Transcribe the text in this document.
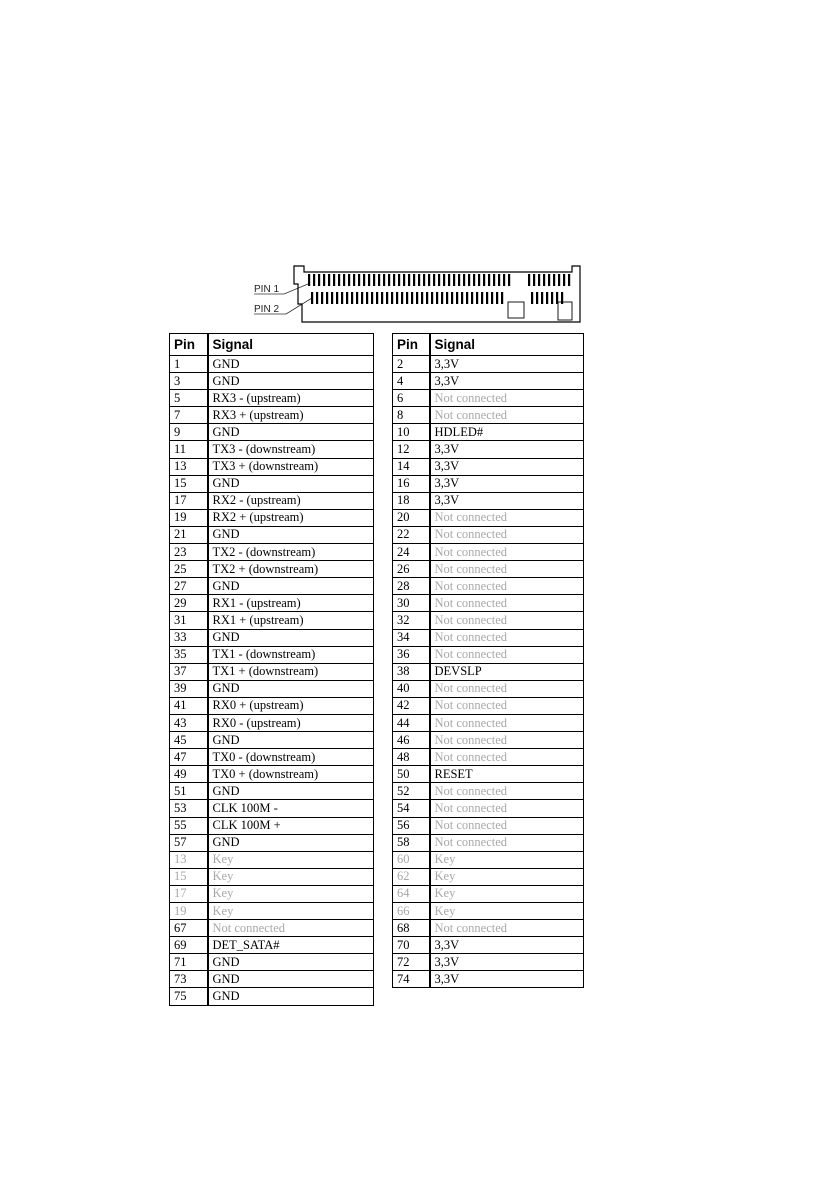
PIN 1
PIN 2
Pin	Signal
1	GND
3	GND
5	RX3 - (upstream)
7	RX3 + (upstream)
9	GND
11	TX3 - (downstream)
13	TX3 + (downstream)
15	GND
17	RX2 - (upstream)
19	RX2 + (upstream)
21	GND
23	TX2 - (downstream)
25	TX2 + (downstream)
27	GND
29	RX1 - (upstream)
31	RX1 + (upstream)
33	GND
35	TX1 - (downstream)
37	TX1 + (downstream)
39	GND
41	RX0 + (upstream)
43	RX0 - (upstream)
45	GND
47	TX0 - (downstream)
49	TX0 + (downstream)
51	GND
53	CLK 100M -
55	CLK 100M +
57	GND
13	Key
15	Key
17	Key
19	Key
67	Not connected
69	DET_SATA#
71	GND
73	GND
75	GND
Pin	Signal
2	3,3V
4	3,3V
6	Not connected
8	Not connected
10	HDLED#
12	3,3V
14	3,3V
16	3,3V
18	3,3V
20	Not connected
22	Not connected
24	Not connected
26	Not connected
28	Not connected
30	Not connected
32	Not connected
34	Not connected
36	Not connected
38	DEVSLP
40	Not connected
42	Not connected
44	Not connected
46	Not connected
48	Not connected
50	RESET
52	Not connected
54	Not connected
56	Not connected
58	Not connected
60	Key
62	Key
64	Key
66	Key
68	Not connected
70	3,3V
72	3,3V
74	3,3V
